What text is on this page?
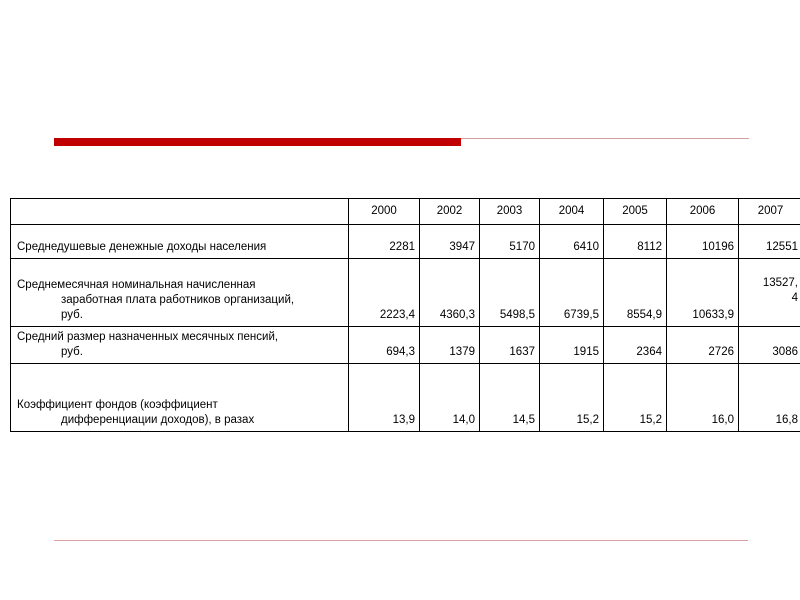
	2000	2002	2003	2004	2005	2006	2007

Среднедушевые денежные доходы населения	2281	3947	5170	6410	8112	10196	12551

Среднемесячная номинальная начисленная
заработная плата работников организаций,
руб.	2223,4	4360,3	5498,5	6739,5	8554,9	10633,9	13527,
4

Средний размер назначенных месячных пенсий,
руб.	694,3	1379	1637	1915	2364	2726	3086

Коэффициент фондов (коэффициент
дифференциации доходов), в разах	13,9	14,0	14,5	15,2	15,2	16,0	16,8
